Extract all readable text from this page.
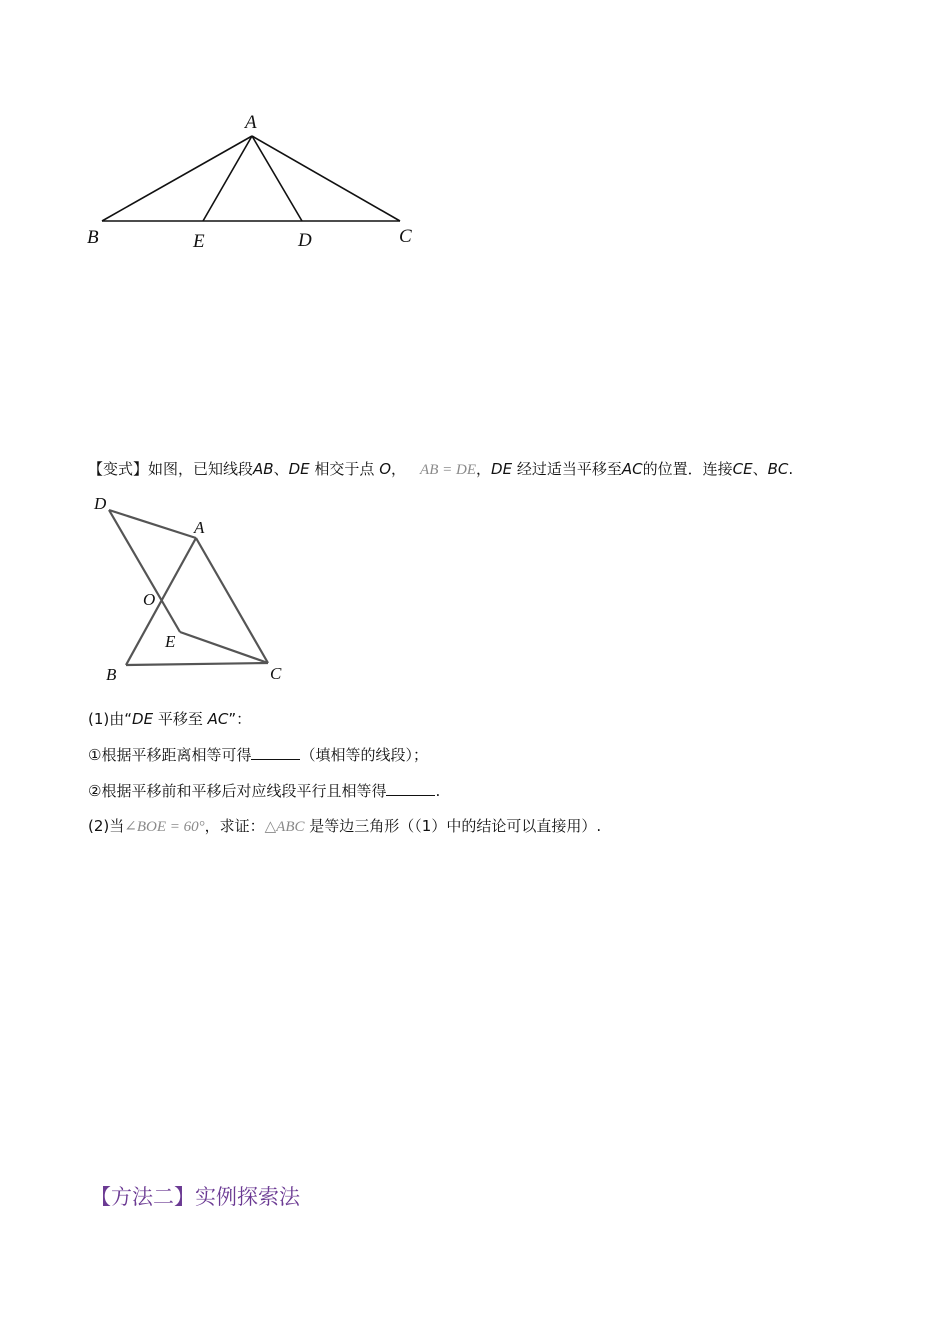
A
B	E	D	C
【变式】如图，已知线段AB、DE 相交于点 O， AB = DE，DE 经过适当平移至AC的位置．连接CE、BC.
D
A
O
E
B	C
(1)由“DE 平移至 AC”：
①根据平移距离相等可得	（填相等的线段）；
②根据平移前和平移后对应线段平行且相等得	.
(2)当∠BOE = 60°，求证：△ABC 是等边三角形（（1）中的结论可以直接用）.
【方法二】实例探索法
